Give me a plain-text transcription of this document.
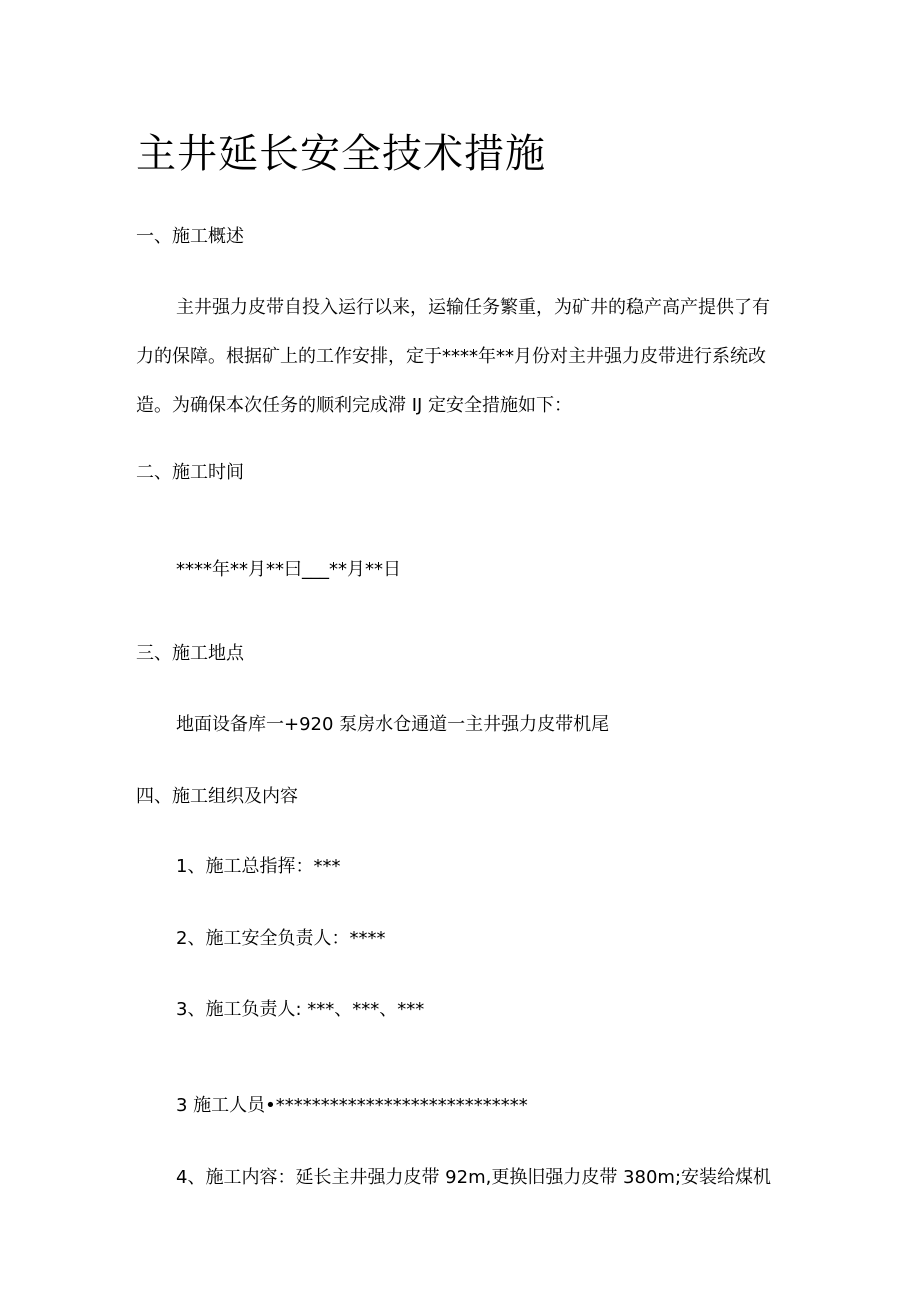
主井延长安全技术措施
一、施工概述
主井强力皮带自投入运行以来，运输任务繁重，为矿井的稳产高产提供了有
力的保障。根据矿上的工作安排，定于****年**月份对主井强力皮带进行系统改
造。为确保本次任务的顺利完成滞 IJ 定安全措施如下：
二、施工时间
****年**月**曰___**月**日
三、施工地点
地面设备库一+920 泵房水仓通道一主井强力皮带机尾
四、施工组织及内容
1、施工总指挥：***
2、施工安全负责人：****
3、施工负责人: ***、***、***
3 施工人员•****************************
4、施工内容：延长主井强力皮带 92m,更换旧强力皮带 380m;安装给煤机
